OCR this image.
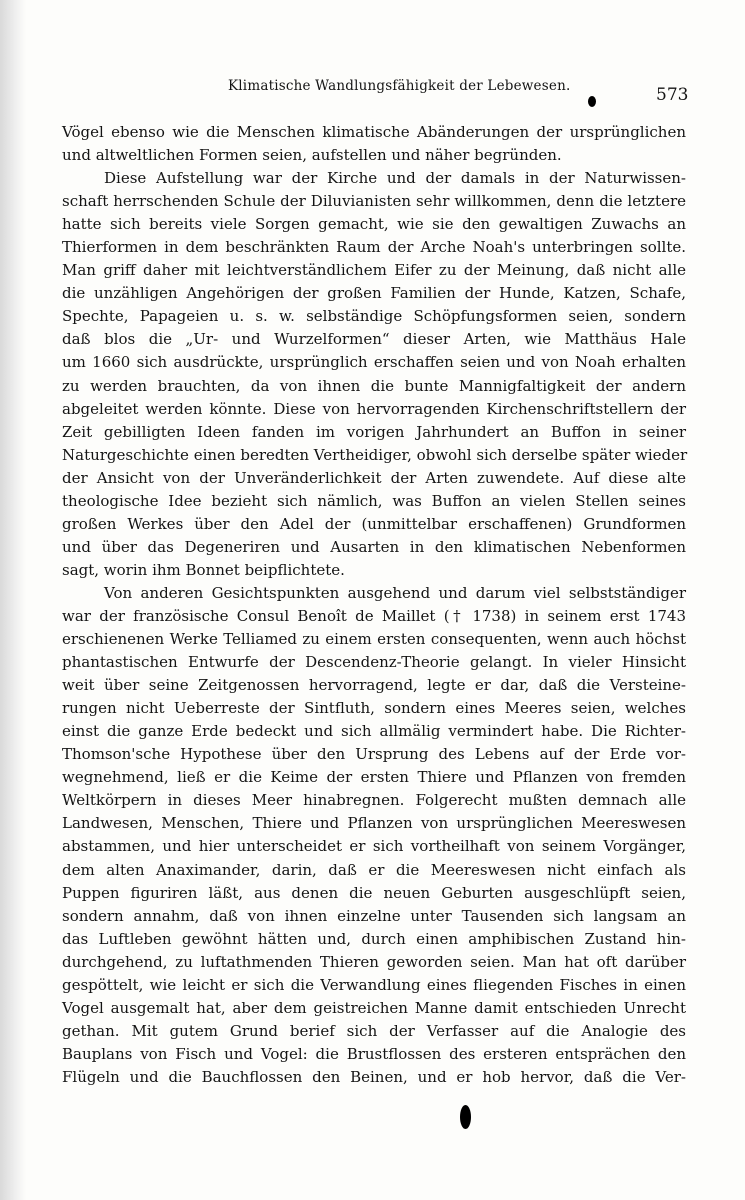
Klimatische Wandlungsfähigkeit der Lebewesen.	573
Vögel ebenso wie die Menschen klimatische Abänderungen der ursprünglichen
und altweltlichen Formen seien, aufstellen und näher begründen.
Diese Aufstellung war der Kirche und der damals in der Naturwissen-
schaft herrschenden Schule der Diluvianisten sehr willkommen, denn die letztere
hatte sich bereits viele Sorgen gemacht, wie sie den gewaltigen Zuwachs an
Thierformen in dem beschränkten Raum der Arche Noah's unterbringen sollte.
Man griff daher mit leichtverständlichem Eifer zu der Meinung, daß nicht alle
die unzähligen Angehörigen der großen Familien der Hunde, Katzen, Schafe,
Spechte, Papageien u. s. w. selbständige Schöpfungsformen seien, sondern
daß blos die „Ur- und Wurzelformen“ dieser Arten, wie Matthäus Hale
um 1660 sich ausdrückte, ursprünglich erschaffen seien und von Noah erhalten
zu werden brauchten, da von ihnen die bunte Mannigfaltigkeit der andern
abgeleitet werden könnte. Diese von hervorragenden Kirchenschriftstellern der
Zeit gebilligten Ideen fanden im vorigen Jahrhundert an Buffon in seiner
Naturgeschichte einen beredten Vertheidiger, obwohl sich derselbe später wieder
der Ansicht von der Unveränderlichkeit der Arten zuwendete. Auf diese alte
theologische Idee bezieht sich nämlich, was Buffon an vielen Stellen seines
großen Werkes über den Adel der (unmittelbar erschaffenen) Grundformen
und über das Degeneriren und Ausarten in den klimatischen Nebenformen
sagt, worin ihm Bonnet beipflichtete.
Von anderen Gesichtspunkten ausgehend und darum viel selbstständiger
war der französische Consul Benoît de Maillet († 1738) in seinem erst 1743
erschienenen Werke Telliamed zu einem ersten consequenten, wenn auch höchst
phantastischen Entwurfe der Descendenz-Theorie gelangt. In vieler Hinsicht
weit über seine Zeitgenossen hervorragend, legte er dar, daß die Versteine-
rungen nicht Ueberreste der Sintfluth, sondern eines Meeres seien, welches
einst die ganze Erde bedeckt und sich allmälig vermindert habe. Die Richter-
Thomson'sche Hypothese über den Ursprung des Lebens auf der Erde vor-
wegnehmend, ließ er die Keime der ersten Thiere und Pflanzen von fremden
Weltkörpern in dieses Meer hinabregnen. Folgerecht mußten demnach alle
Landwesen, Menschen, Thiere und Pflanzen von ursprünglichen Meereswesen
abstammen, und hier unterscheidet er sich vortheilhaft von seinem Vorgänger,
dem alten Anaximander, darin, daß er die Meereswesen nicht einfach als
Puppen figuriren läßt, aus denen die neuen Geburten ausgeschlüpft seien,
sondern annahm, daß von ihnen einzelne unter Tausenden sich langsam an
das Luftleben gewöhnt hätten und, durch einen amphibischen Zustand hin-
durchgehend, zu luftathmenden Thieren geworden seien. Man hat oft darüber
gespöttelt, wie leicht er sich die Verwandlung eines fliegenden Fisches in einen
Vogel ausgemalt hat, aber dem geistreichen Manne damit entschieden Unrecht
gethan. Mit gutem Grund berief sich der Verfasser auf die Analogie des
Bauplans von Fisch und Vogel: die Brustflossen des ersteren entsprächen den
Flügeln und die Bauchflossen den Beinen, und er hob hervor, daß die Ver-
